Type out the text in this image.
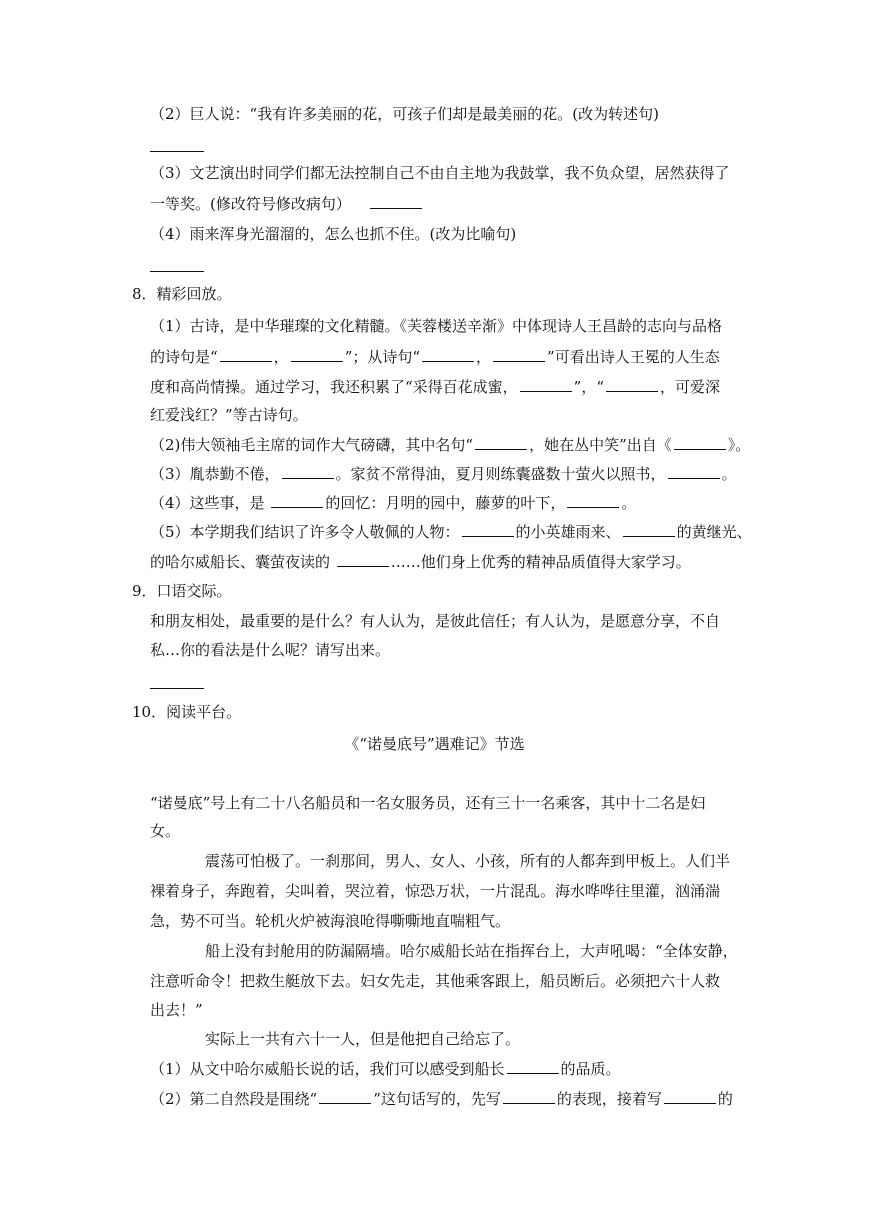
（2）巨人说：“我有许多美丽的花，可孩子们却是最美丽的花。(改为转述句)
（3）文艺演出时同学们都无法控制自己不由自主地为我鼓掌，我不负众望，居然获得了
一等奖。(修改符号修改病句）
（4）雨来浑身光溜溜的，怎么也抓不住。(改为比喻句)
8．精彩回放。
（1）古诗，是中华璀璨的文化精髓。《芙蓉楼送辛渐》中体现诗人王昌龄的志向与品格
的诗句是“	，	”；从诗句“	，	”可看出诗人王冕的人生态
度和高尚情操。通过学习，我还积累了“采得百花成蜜，	”，“	，可爱深
红爱浅红？”等古诗句。
（2)伟大领袖毛主席的词作大气磅礴，其中名句“	，她在丛中笑”出自《	》。
（3）胤恭勤不倦，	。家贫不常得油，夏月则练囊盛数十萤火以照书，	。
（4）这些事，是	的回忆：月明的园中，藤萝的叶下，	。
（5）本学期我们结识了许多令人敬佩的人物：	的小英雄雨来、	的黄继光、
的哈尔威船长、囊萤夜读的	……他们身上优秀的精神品质值得大家学习。
9．口语交际。
和朋友相处，最重要的是什么？有人认为，是彼此信任；有人认为，是愿意分享，不自
私…你的看法是什么呢？请写出来。
10．阅读平台。
《“诺曼底号”遇难记》节选
“诺曼底”号上有二十八名船员和一名女服务员，还有三十一名乘客，其中十二名是妇
女。
震荡可怕极了。一刹那间，男人、女人、小孩，所有的人都奔到甲板上。人们半
裸着身子，奔跑着，尖叫着，哭泣着，惊恐万状，一片混乱。海水哗哗往里灌，汹涌湍
急，势不可当。轮机火炉被海浪呛得嘶嘶地直喘粗气。
船上没有封舱用的防漏隔墙。哈尔威船长站在指挥台上，大声吼喝：“全体安静，
注意听命令！把救生艇放下去。妇女先走，其他乘客跟上，船员断后。必须把六十人救
出去！”
实际上一共有六十一人，但是他把自己给忘了。
（1）从文中哈尔威船长说的话，我们可以感受到船长	的品质。
（2）第二自然段是围绕“	”这句话写的，先写	的表现，接着写	的
